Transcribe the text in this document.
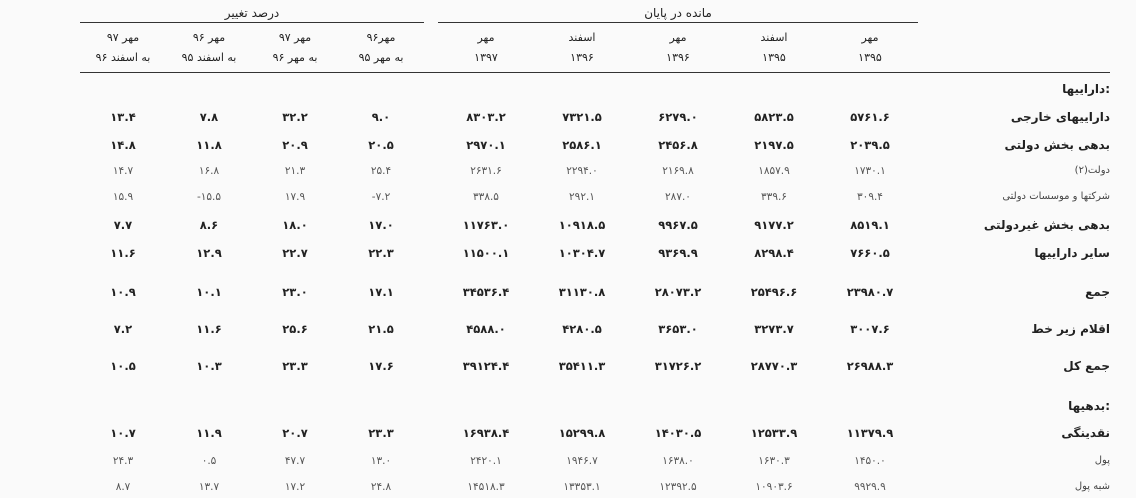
درصد تغییر	مانده در پایان
مهر
۱۳۹۵
اسفند
۱۳۹۵
مهر
۱۳۹۶
اسفند
۱۳۹۶
مهر
۱۳۹۷
مهر۹۶
به مهر ۹۵
مهر ۹۷
به مهر ۹۶
مهر ۹۶
به اسفند ۹۵
مهر ۹۷
به اسفند ۹۶
داراییها:
داراییهای خارجی
۵۷۶۱.۶
۵۸۲۳.۵
۶۲۷۹.۰
۷۳۲۱.۵
۸۳۰۳.۲
۹.۰
۳۲.۲
۷.۸
۱۳.۴
بدهی بخش دولتی
۲۰۳۹.۵
۲۱۹۷.۵
۲۴۵۶.۸
۲۵۸۶.۱
۲۹۷۰.۱
۲۰.۵
۲۰.۹
۱۱.۸
۱۴.۸
دولت(۲)
۱۷۳۰.۱
۱۸۵۷.۹
۲۱۶۹.۸
۲۲۹۴.۰
۲۶۳۱.۶
۲۵.۴
۲۱.۳
۱۶.۸
۱۴.۷
شرکتها و موسسات دولتی
۳۰۹.۴
۳۳۹.۶
۲۸۷.۰
۲۹۲.۱
۳۳۸.۵
-۷.۲
۱۷.۹
-۱۵.۵
۱۵.۹
بدهی بخش غیردولتی
۸۵۱۹.۱
۹۱۷۷.۲
۹۹۶۷.۵
۱۰۹۱۸.۵
۱۱۷۶۳.۰
۱۷.۰
۱۸.۰
۸.۶
۷.۷
سایر داراییها
۷۶۶۰.۵
۸۲۹۸.۴
۹۳۶۹.۹
۱۰۳۰۴.۷
۱۱۵۰۰.۱
۲۲.۳
۲۲.۷
۱۲.۹
۱۱.۶
جمع
۲۳۹۸۰.۷
۲۵۴۹۶.۶
۲۸۰۷۳.۲
۳۱۱۳۰.۸
۳۴۵۳۶.۴
۱۷.۱
۲۳.۰
۱۰.۱
۱۰.۹
اقلام زیر خط
۳۰۰۷.۶
۳۲۷۳.۷
۳۶۵۳.۰
۴۲۸۰.۵
۴۵۸۸.۰
۲۱.۵
۲۵.۶
۱۱.۶
۷.۲
جمع کل
۲۶۹۸۸.۳
۲۸۷۷۰.۳
۳۱۷۲۶.۲
۳۵۴۱۱.۳
۳۹۱۲۴.۴
۱۷.۶
۲۳.۳
۱۰.۳
۱۰.۵
بدهیها:
نقدینگی
۱۱۳۷۹.۹
۱۲۵۳۳.۹
۱۴۰۳۰.۵
۱۵۲۹۹.۸
۱۶۹۳۸.۴
۲۳.۳
۲۰.۷
۱۱.۹
۱۰.۷
پول
۱۴۵۰.۰
۱۶۳۰.۳
۱۶۳۸.۰
۱۹۴۶.۷
۲۴۲۰.۱
۱۳.۰
۴۷.۷
۰.۵
۲۴.۳
شبه پول
۹۹۲۹.۹
۱۰۹۰۳.۶
۱۲۳۹۲.۵
۱۳۳۵۳.۱
۱۴۵۱۸.۳
۲۴.۸
۱۷.۲
۱۳.۷
۸.۷
